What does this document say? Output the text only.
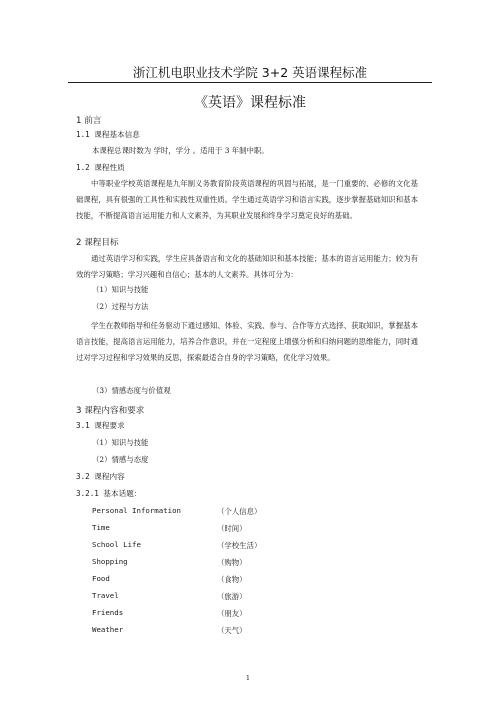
浙江机电职业技术学院 3+2 英语课程标准
《英语》课程标准
1 前言
1.1 课程基本信息
本课程总课时数为 学时，学分 。适用于 3 年制中职。
1.2 课程性质
中等职业学校英语课程是九年制义务教育阶段英语课程的巩固与拓展，是一门重要的、必修的文化基础课程，具有很强的工具性和实践性双重性质。学生通过英语学习和语言实践，逐步掌握基础知识和基本技能，不断提高语言运用能力和人文素养，为其职业发展和终身学习奠定良好的基础。
2 课程目标
通过英语学习和实践，学生应具备语言和文化的基础知识和基本技能；基本的语言运用能力；较为有效的学习策略；学习兴趣和自信心；基本的人文素养。具体可分为：
（1）知识与技能
（2）过程与方法
学生在教师指导和任务驱动下通过感知、体验、实践、参与、合作等方式选择、获取知识，掌握基本语言技能，提高语言运用能力，培养合作意识，并在一定程度上增强分析和归纳问题的思维能力，同时通过对学习过程和学习效果的反思，探索最适合自身的学习策略，优化学习效果。
（3）情感态度与价值观
3 课程内容和要求
3.1 课程要求
（1）知识与技能
（2）情感与态度
3.2 课程内容
3.2.1 基本话题：
Personal Information	（个人信息）
Time	（时间）
School Life	（学校生活）
Shopping	（购物）
Food	（食物）
Travel	（旅游）
Friends	（朋友）
Weather	（天气）
1
